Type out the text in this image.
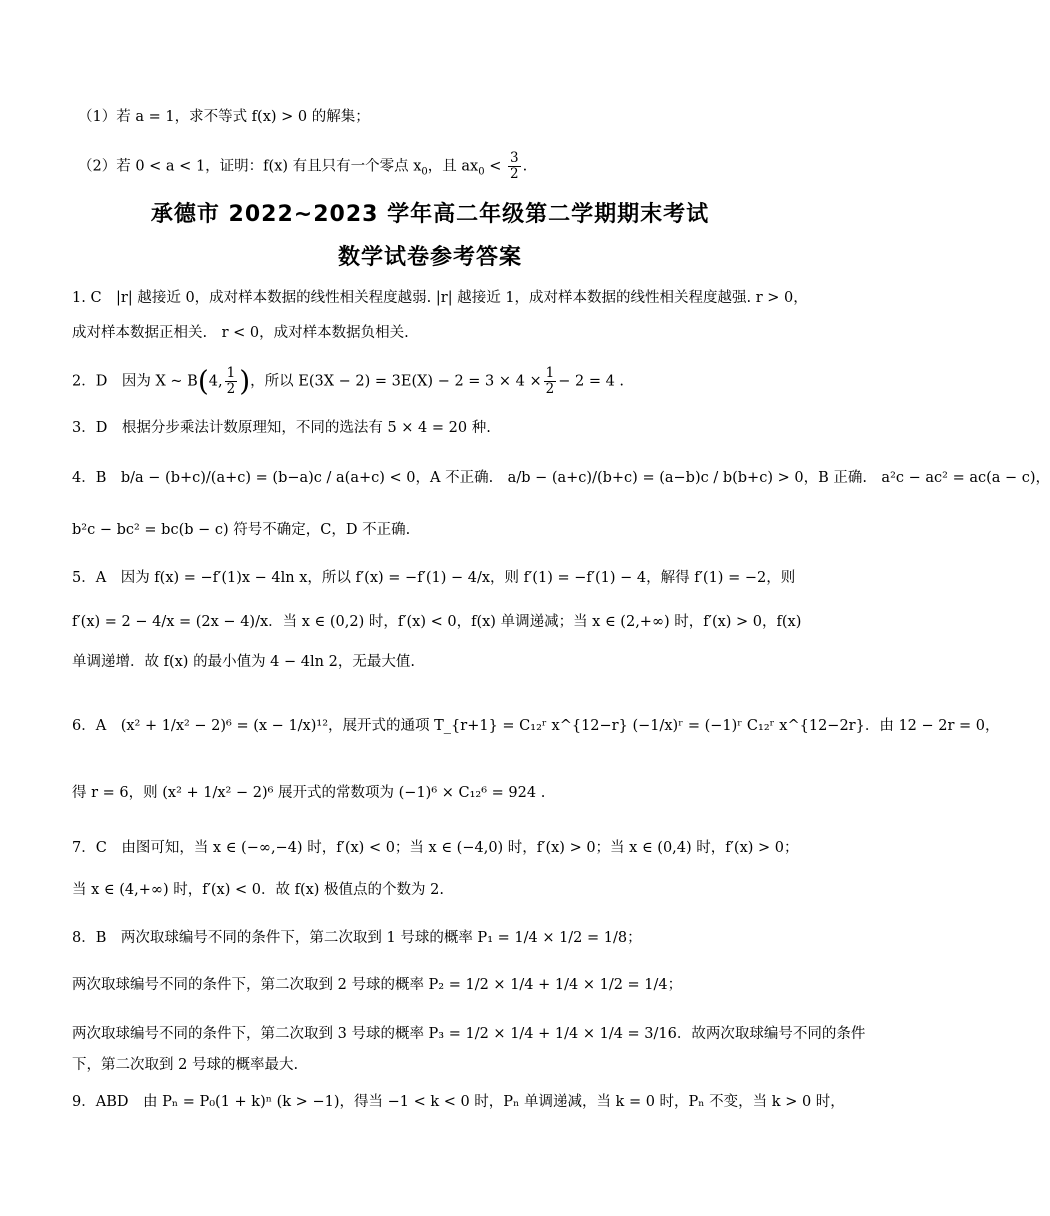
（1）若 a = 1，求不等式 f(x) > 0 的解集；
（2）若 0 < a < 1，证明：f(x) 有且只有一个零点 $x_0$，且 $ax_0 < \frac{3}{2}$ .
承德市 2022~2023 学年高二年级第二学期期末考试
数学试卷参考答案
1. C　|r| 越接近 0，成对样本数据的线性相关程度越弱. |r| 越接近 1，成对样本数据的线性相关程度越强. r > 0，
成对样本数据正相关.　r < 0，成对样本数据负相关.
2．D　因为 X ~ B(4, $\frac{1}{2}$ )，所以 $E(3X - 2) = 3E(X) - 2 = 3 \times 4 \times \frac{1}{2} - 2 = 4$ .
3．D　根据分步乘法计数原理知，不同的选法有 5 × 4 = 20 种.
4．B　b/a − (b+c)/(a+c) = (b−a)c / a(a+c) < 0，A 不正确.　a/b − (a+c)/(b+c) = (a−b)c / b(b+c) > 0，B 正确.　a²c − ac² = ac(a − c)，
b²c − bc² = bc(b − c) 符号不确定，C，D 不正确.
5．A　因为 f(x) = −f′(1)x − 4ln x，所以 f′(x) = −f′(1) − 4/x，则 f′(1) = −f′(1) − 4，解得 f′(1) = −2，则
f′(x) = 2 − 4/x = (2x − 4)/x．当 x ∈ (0,2) 时，f′(x) < 0，f(x) 单调递减；当 x ∈ (2,+∞) 时，f′(x) > 0，f(x)
单调递增．故 f(x) 的最小值为 4 − 4ln 2，无最大值.
6．A　(x² + 1/x² − 2)⁶ = (x − 1/x)¹²，展开式的通项 T_{r+1} = C₁₂ʳ x^{12−r} (−1/x)ʳ = (−1)ʳ C₁₂ʳ x^{12−2r}．由 12 − 2r = 0，
得 r = 6，则 (x² + 1/x² − 2)⁶ 展开式的常数项为 (−1)⁶ × C₁₂⁶ = 924 .
7．C　由图可知，当 x ∈ (−∞,−4) 时，f′(x) < 0；当 x ∈ (−4,0) 时，f′(x) > 0；当 x ∈ (0,4) 时，f′(x) > 0；
当 x ∈ (4,+∞) 时，f′(x) < 0．故 f(x) 极值点的个数为 2.
8．B　两次取球编号不同的条件下，第二次取到 1 号球的概率 P₁ = 1/4 × 1/2 = 1/8；
两次取球编号不同的条件下，第二次取到 2 号球的概率 P₂ = 1/2 × 1/4 + 1/4 × 1/2 = 1/4；
两次取球编号不同的条件下，第二次取到 3 号球的概率 P₃ = 1/2 × 1/4 + 1/4 × 1/4 = 3/16．故两次取球编号不同的条件
下，第二次取到 2 号球的概率最大.
9．ABD　由 Pₙ = P₀(1 + k)ⁿ (k > −1)，得当 −1 < k < 0 时，Pₙ 单调递减，当 k = 0 时，Pₙ 不变，当 k > 0 时，
